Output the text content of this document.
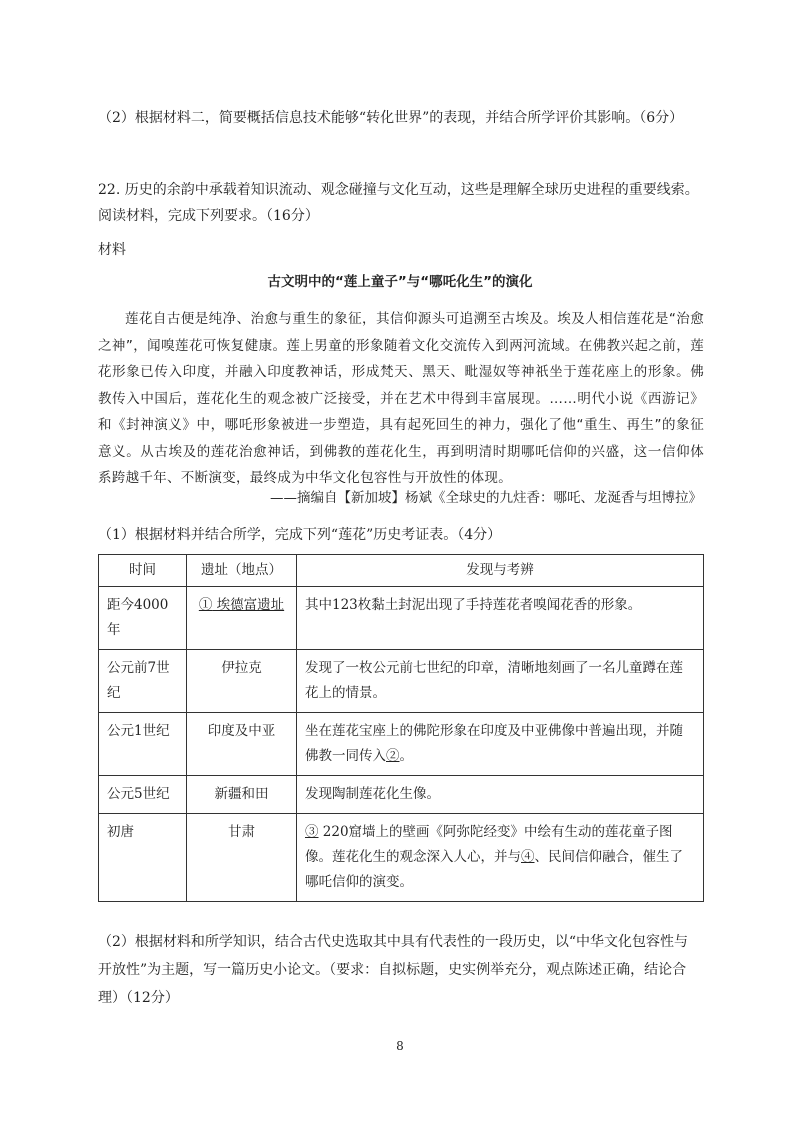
（2）根据材料二，简要概括信息技术能够“转化世界”的表现，并结合所学评价其影响。（6分）
22. 历史的余韵中承载着知识流动、观念碰撞与文化互动，这些是理解全球历史进程的重要线索。
阅读材料，完成下列要求。（16分）
材料
古文明中的“莲上童子”与“哪吒化生”的演化
莲花自古便是纯净、治愈与重生的象征，其信仰源头可追溯至古埃及。埃及人相信莲花是“治愈之神”，闻嗅莲花可恢复健康。莲上男童的形象随着文化交流传入到两河流域。在佛教兴起之前，莲花形象已传入印度，并融入印度教神话，形成梵天、黑天、毗湿奴等神祇坐于莲花座上的形象。佛教传入中国后，莲花化生的观念被广泛接受，并在艺术中得到丰富展现。……明代小说《西游记》和《封神演义》中，哪吒形象被进一步塑造，具有起死回生的神力，强化了他“重生、再生”的象征意义。从古埃及的莲花治愈神话，到佛教的莲花化生，再到明清时期哪吒信仰的兴盛，这一信仰体系跨越千年、不断演变，最终成为中华文化包容性与开放性的体现。
——摘编自【新加坡】杨斌《全球史的九炷香：哪吒、龙涎香与坦博拉》
（1）根据材料并结合所学，完成下列“莲花”历史考证表。（4分）
时间	遗址（地点）	发现与考辨
距今4000年	① 埃德富遗址	其中123枚黏土封泥出现了手持莲花者嗅闻花香的形象。
公元前7世纪	伊拉克	发现了一枚公元前七世纪的印章，清晰地刻画了一名儿童蹲在莲花上的情景。
公元1世纪	印度及中亚	坐在莲花宝座上的佛陀形象在印度及中亚佛像中普遍出现，并随佛教一同传入②。
公元5世纪	新疆和田	发现陶制莲花化生像。
初唐	甘肃	③ 220窟墙上的壁画《阿弥陀经变》中绘有生动的莲花童子图像。莲花化生的观念深入人心，并与④、民间信仰融合，催生了哪吒信仰的演变。
（2）根据材料和所学知识，结合古代史选取其中具有代表性的一段历史，以“中华文化包容性与
开放性”为主题，写一篇历史小论文。（要求：自拟标题，史实例举充分，观点陈述正确，结论合
理）（12分）
8
